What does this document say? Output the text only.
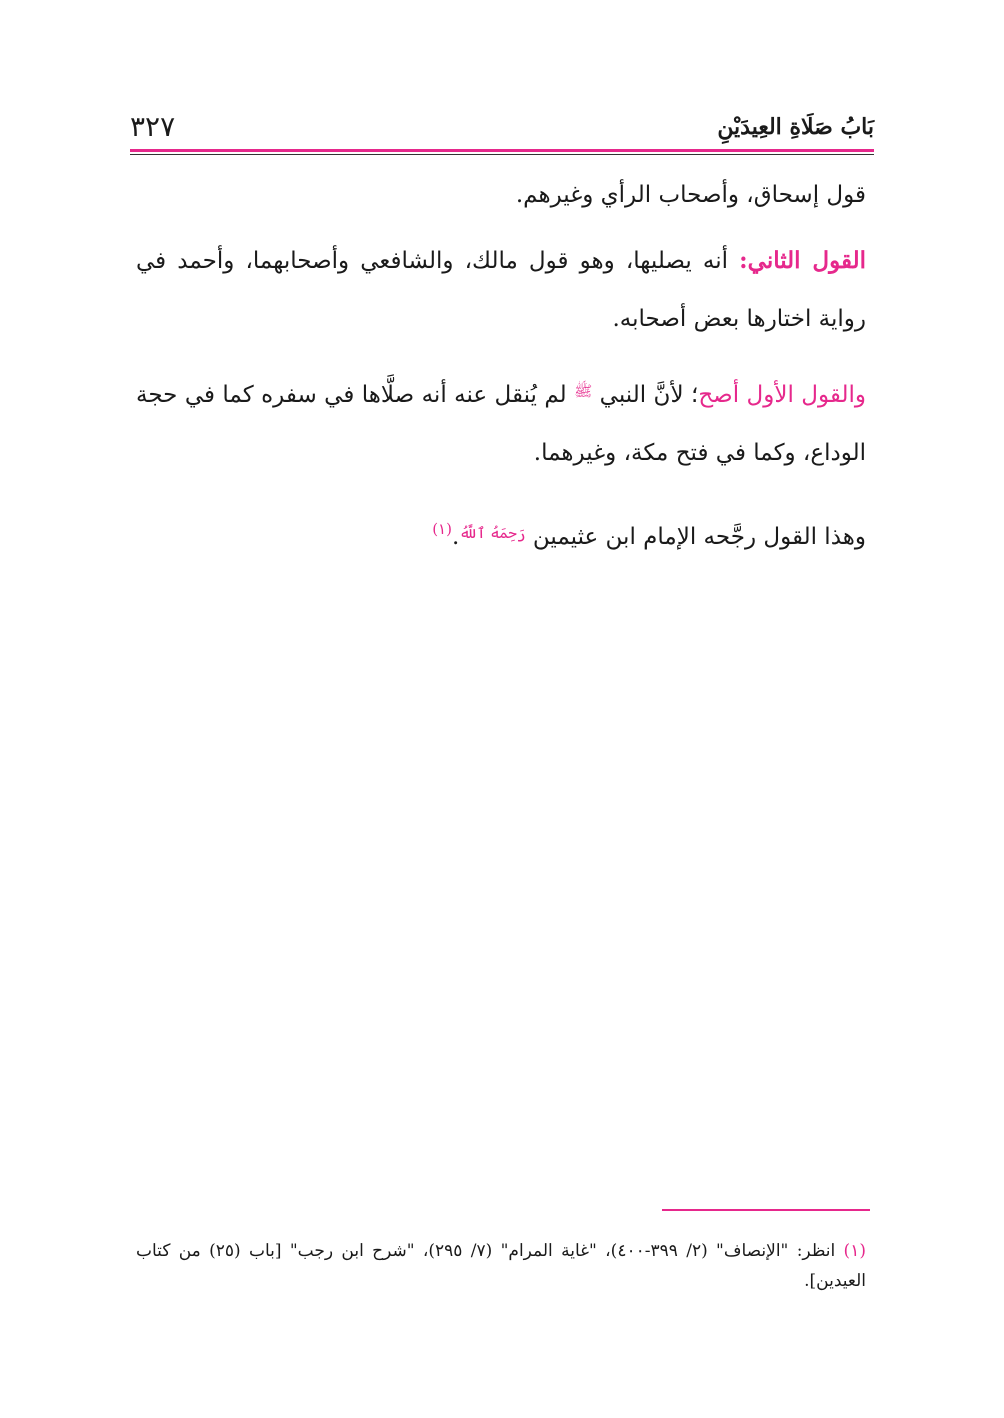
بَابُ صَلَاةِ العِيدَيْنِ
٣٢٧

قول إسحاق، وأصحاب الرأي وغيرهم.

القول الثاني: أنه يصليها، وهو قول مالك، والشافعي وأصحابهما، وأحمد في رواية اختارها بعض أصحابه.

والقول الأول أصح؛ لأنَّ النبي $^ﷺ$ لم يُنقل عنه أنه صلَّاها في سفره كما في حجة الوداع، وكما في فتح مكة، وغيرهما.

وهذا القول رجَّحه الإمام ابن عثيمين $^{رَحِمَهُ ٱللَّهُ}$.$^{(١)}$

(١) انظر: "الإنصاف" (٢/ ٣٩٩-٤٠٠)، "غاية المرام" (٧/ ٢٩٥)، "شرح ابن رجب" [باب (٢٥) من كتاب العيدين].
